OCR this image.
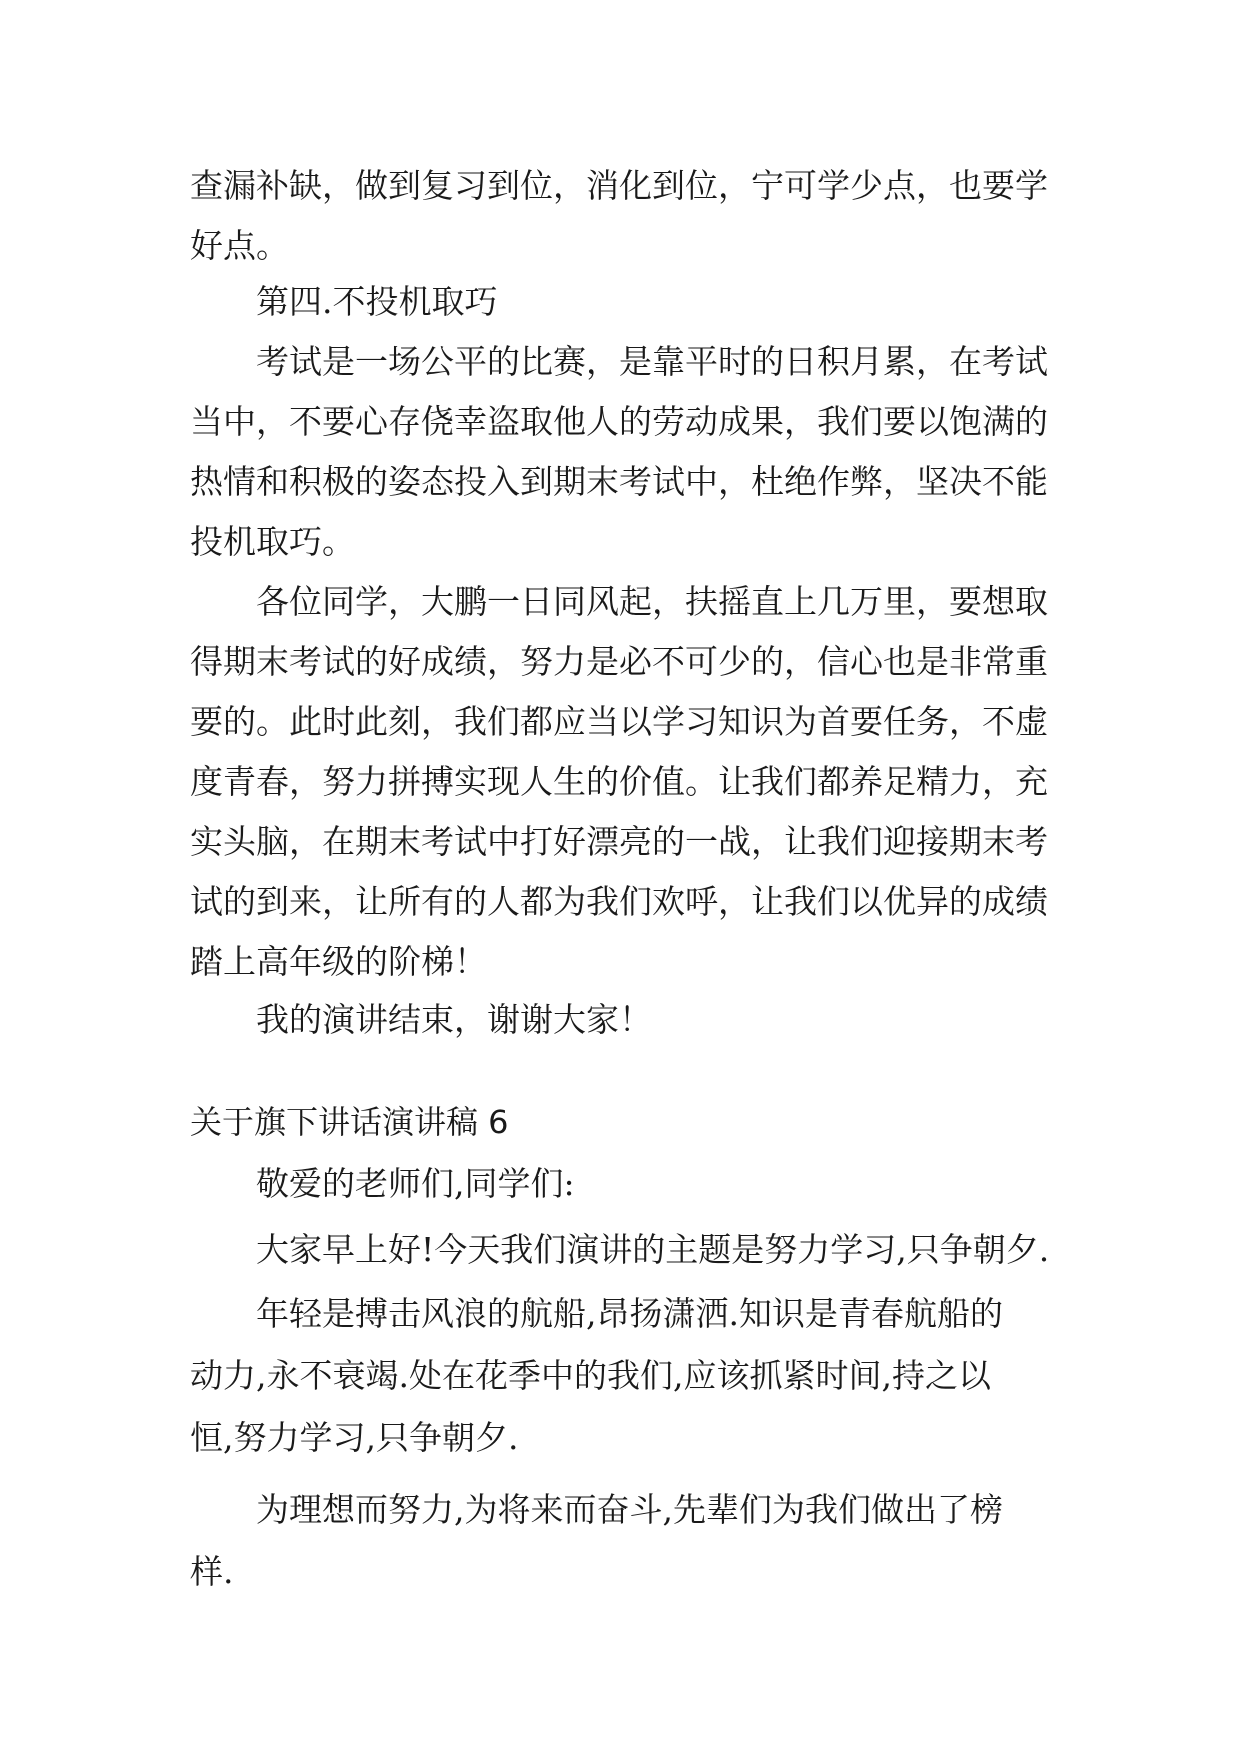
查漏补缺，做到复习到位，消化到位，宁可学少点，也要学
好点。
第四.不投机取巧
考试是一场公平的比赛，是靠平时的日积月累，在考试
当中，不要心存侥幸盗取他人的劳动成果，我们要以饱满的
热情和积极的姿态投入到期末考试中，杜绝作弊，坚决不能
投机取巧。
各位同学，大鹏一日同风起，扶摇直上几万里，要想取
得期末考试的好成绩，努力是必不可少的，信心也是非常重
要的。此时此刻，我们都应当以学习知识为首要任务，不虚
度青春，努力拼搏实现人生的价值。让我们都养足精力，充
实头脑，在期末考试中打好漂亮的一战，让我们迎接期末考
试的到来，让所有的人都为我们欢呼，让我们以优异的成绩
踏上高年级的阶梯！
我的演讲结束，谢谢大家！
关于旗下讲话演讲稿 6
敬爱的老师们,同学们:
大家早上好!今天我们演讲的主题是努力学习,只争朝夕.
年轻是搏击风浪的航船,昂扬潇洒.知识是青春航船的
动力,永不衰竭.处在花季中的我们,应该抓紧时间,持之以
恒,努力学习,只争朝夕.
为理想而努力,为将来而奋斗,先辈们为我们做出了榜
样.
